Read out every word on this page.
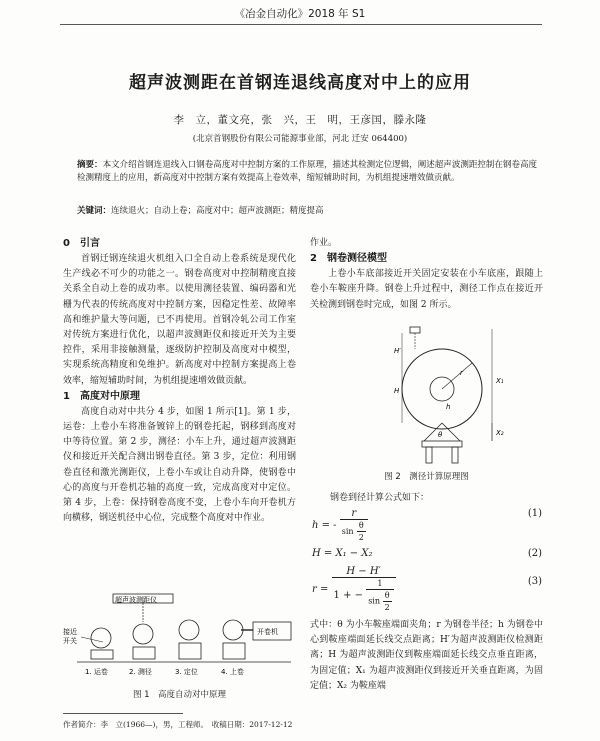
《冶金自动化》2018 年 S1
超声波测距在首钢连退线高度对中上的应用
李　立，董文亮，张　兴，王　明，王彦国，滕永隆
(北京首钢股份有限公司能源事业部，河北 迁安 064400)
摘要：本文介绍首钢连退线入口钢卷高度对中控制方案的工作原理，描述其检测定位逻辑，阐述超声波测距控制在钢卷高度检测精度上的应用，新高度对中控制方案有效提高上卷效率，缩短辅助时间，为机组提速增效做贡献。
关键词：连续退火；自动上卷；高度对中；超声波测距；精度提高

0　引言

首钢迁钢连续退火机组入口全自动上卷系统是现代化生产线必不可少的功能之一。钢卷高度对中控制精度直接关系全自动上卷的成功率。以使用测径装置、编码器和光栅为代表的传统高度对中控制方案，因稳定性差、故障率高和维护量大等问题，已不再使用。首钢冷轧公司工作室对传统方案进行优化，以超声波测距仪和接近开关为主要控件，采用非接触测量，逐级防护控制及高度对中模型，实现系统高精度和免维护。新高度对中控制方案提高上卷效率，缩短辅助时间，为机组提速增效做贡献。

1　高度对中原理

高度自动对中共分 4 步，如图 1 所示[1]。第 1 步，运卷：上卷小车将准备镀锌上的钢卷托起，钢移到高度对中等待位置。第 2 步，测径：小车上升，通过超声波测距仪和接近开关配合测出钢卷直径。第 3 步，定位：利用钢卷直径和激光测距仪，上卷小车或让自动升降，使钢卷中心的高度与开卷机芯轴的高度一致，完成高度对中定位。第 4 步，上卷：保持钢卷高度不变，上卷小车向开卷机方向横移，钢送机径中心位，完成整个高度对中作业。

超声波测距仪
接近
开关
开卷机
1. 运卷	2. 测径	3. 定位	4. 上卷
图 1　高度自动对中原理

作业。

2　钢卷测径模型

上卷小车底部接近开关固定安装在小车底座，跟随上卷小车鞍座升降。钢卷上升过程中，测径工作点在接近开关检测到钢卷时完成，如图 2 所示。

H′
H
h
r
X₁
X₂
θ
图 2　测径计算原理图
钢卷到径计算公式如下：
h = - $\frac{r}{\sin \frac{\theta}{2}}$	(1)
H = X₁ − X₂	(2)
r =
H − H′
1 + − $\frac{1}{\sin \frac{\theta}{2}}$	(3)
式中：θ 为小车鞍座端面夹角；r 为钢卷半径；h 为钢卷中心到鞍座端面延长线交点距离；H′为超声波测距仪检测距离；H 为超声波测距仪到鞍座端面延长线交点垂直距离，为固定值；X₁ 为超声波测距仪到接近开关垂直距离，为固定值；X₂ 为鞍座端
作者简介：李　立(1966—)，男，工程师。　收稿日期：2017-12-12
